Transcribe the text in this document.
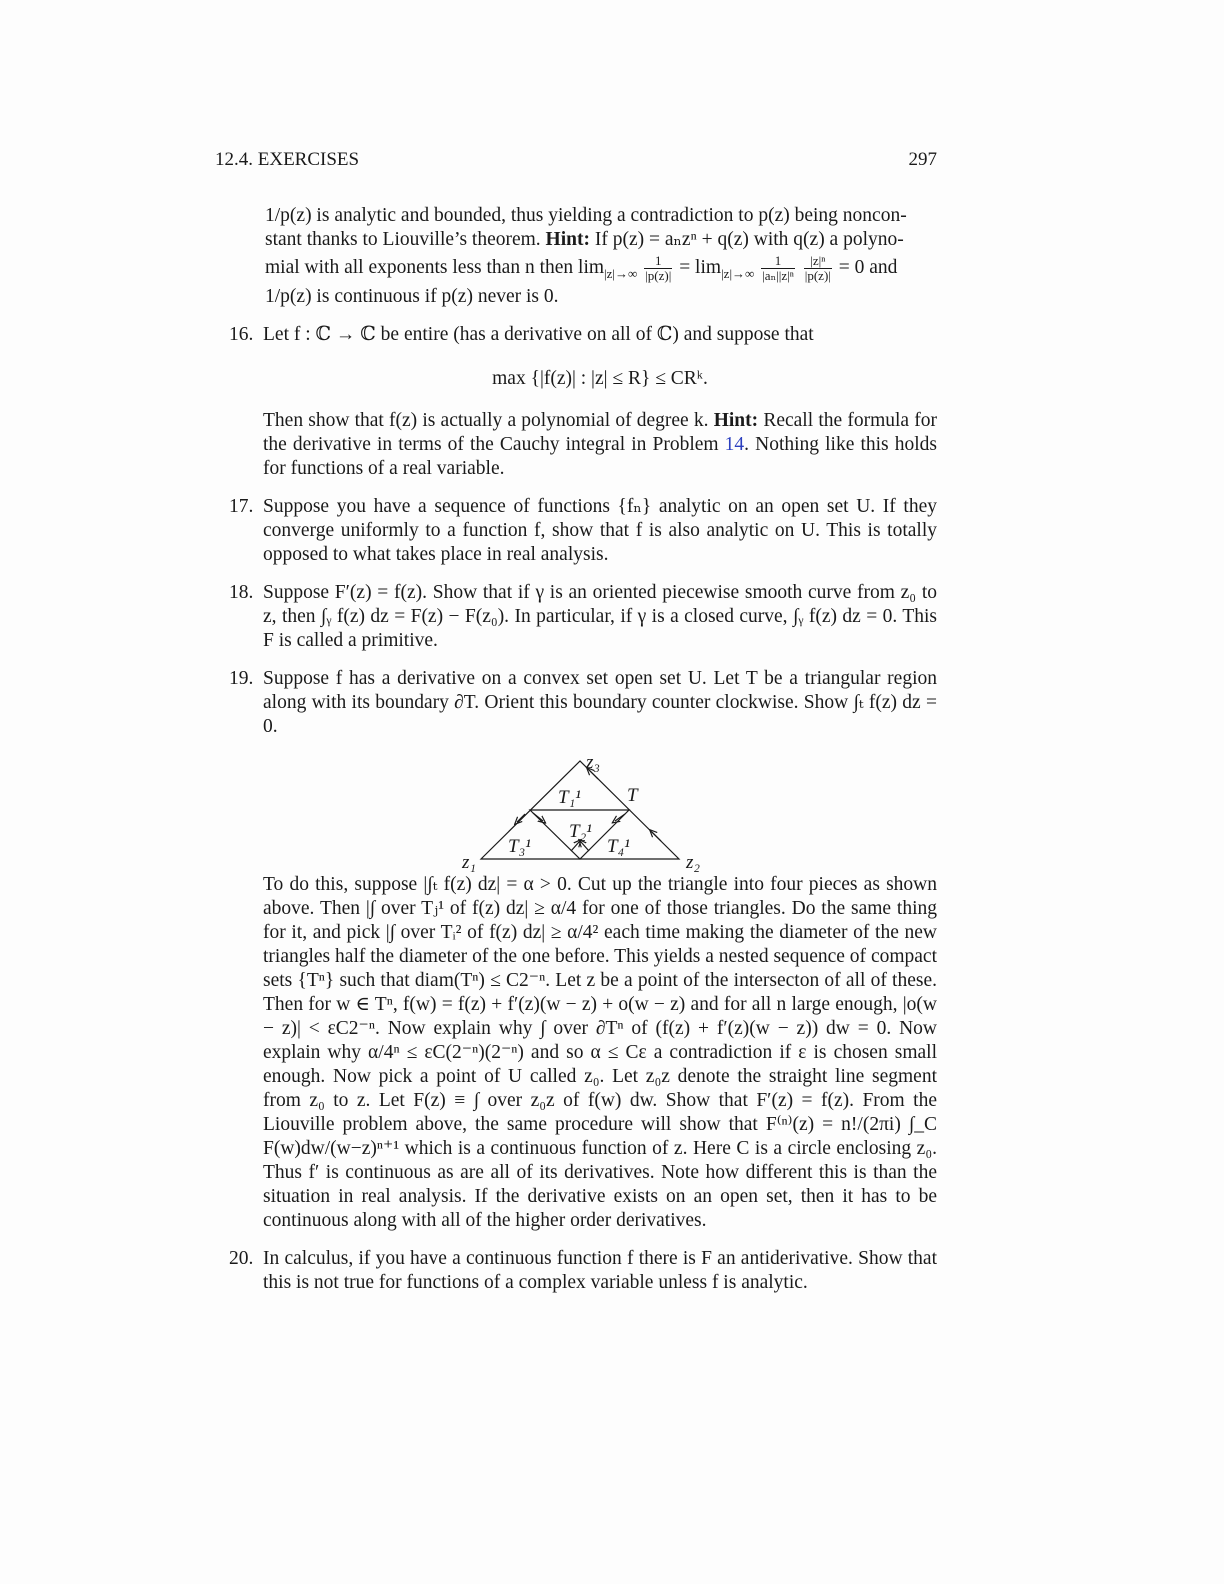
12.4. EXERCISES	297
1/p(z) is analytic and bounded, thus yielding a contradiction to p(z) being noncon-
stant thanks to Liouville’s theorem. Hint: If p(z) = aₙzⁿ + q(z) with q(z) a polyno-
mial with all exponents less than n then $\lim_{|z|\to\infty} \frac{1}{|p(z)|} = \lim_{|z|\to\infty} \frac{1}{\text{|aₙ||z|ⁿ}}$
$\frac{\text{|z|ⁿ}}{|p(z)|} = 0$ and
1/p(z) is continuous if p(z) never is 0.
16. Let f : ℂ → ℂ be entire (has a derivative on all of ℂ) and suppose that

max {|f(z)| : |z| ≤ R} ≤ CRᵏ.

Then show that f(z) is actually a polynomial of degree k. Hint: Recall the formula for the derivative in terms of the Cauchy integral in Problem 14. Nothing like this holds for functions of a real variable.

17. Suppose you have a sequence of functions {fₙ} analytic on an open set U. If they converge uniformly to a function f, show that f is also analytic on U. This is totally opposed to what takes place in real analysis.

18. Suppose F′(z) = f(z). Show that if γ is an oriented piecewise smooth curve from z₀ to z, then ∫ᵧ f(z) dz = F(z) − F(z₀). In particular, if γ is a closed curve, ∫ᵧ f(z) dz = 0. This F is called a primitive.

19. Suppose f has a derivative on a convex set open set U. Let T be a triangular region along with its boundary ∂T. Orient this boundary counter clockwise. Show ∫ₜ f(z) dz = 0.

z₁	z₂
z₃
T
T₁¹
T₂¹
T₃¹	T₄¹

To do this, suppose |∫ₜ f(z) dz| = α > 0. Cut up the triangle into four pieces as shown above. Then |∫ over Tⱼ¹ of f(z) dz| ≥ α/4 for one of those triangles. Do the same thing for it, and pick |∫ over Tᵢ² of f(z) dz| ≥ α/4² each time making the diameter of the new triangles half the diameter of the one before. This yields a nested sequence of compact sets {Tⁿ} such that diam(Tⁿ) ≤ C2⁻ⁿ. Let z be a point of the intersecton of all of these. Then for w ∈ Tⁿ, f(w) = f(z) + f′(z)(w − z) + o(w − z) and for all n large enough, |o(w − z)| < εC2⁻ⁿ. Now explain why ∫ over ∂Tⁿ of (f(z) + f′(z)(w − z)) dw = 0. Now explain why α/4ⁿ ≤ εC(2⁻ⁿ)(2⁻ⁿ) and so α ≤ Cε a contradiction if ε is chosen small enough. Now pick a point of U called z₀. Let z₀z denote the straight line segment from z₀ to z. Let F(z) ≡ ∫ over z₀z of f(w) dw. Show that F′(z) = f(z). From the Liouville problem above, the same procedure will show that F⁽ⁿ⁾(z) = n!/(2πi) ∫_C F(w)dw/(w−z)ⁿ⁺¹ which is a continuous function of z. Here C is a circle enclosing z₀. Thus f′ is continuous as are all of its derivatives. Note how different this is than the situation in real analysis. If the derivative exists on an open set, then it has to be continuous along with all of the higher order derivatives.

20. In calculus, if you have a continuous function f there is F an antiderivative. Show that this is not true for functions of a complex variable unless f is analytic.
